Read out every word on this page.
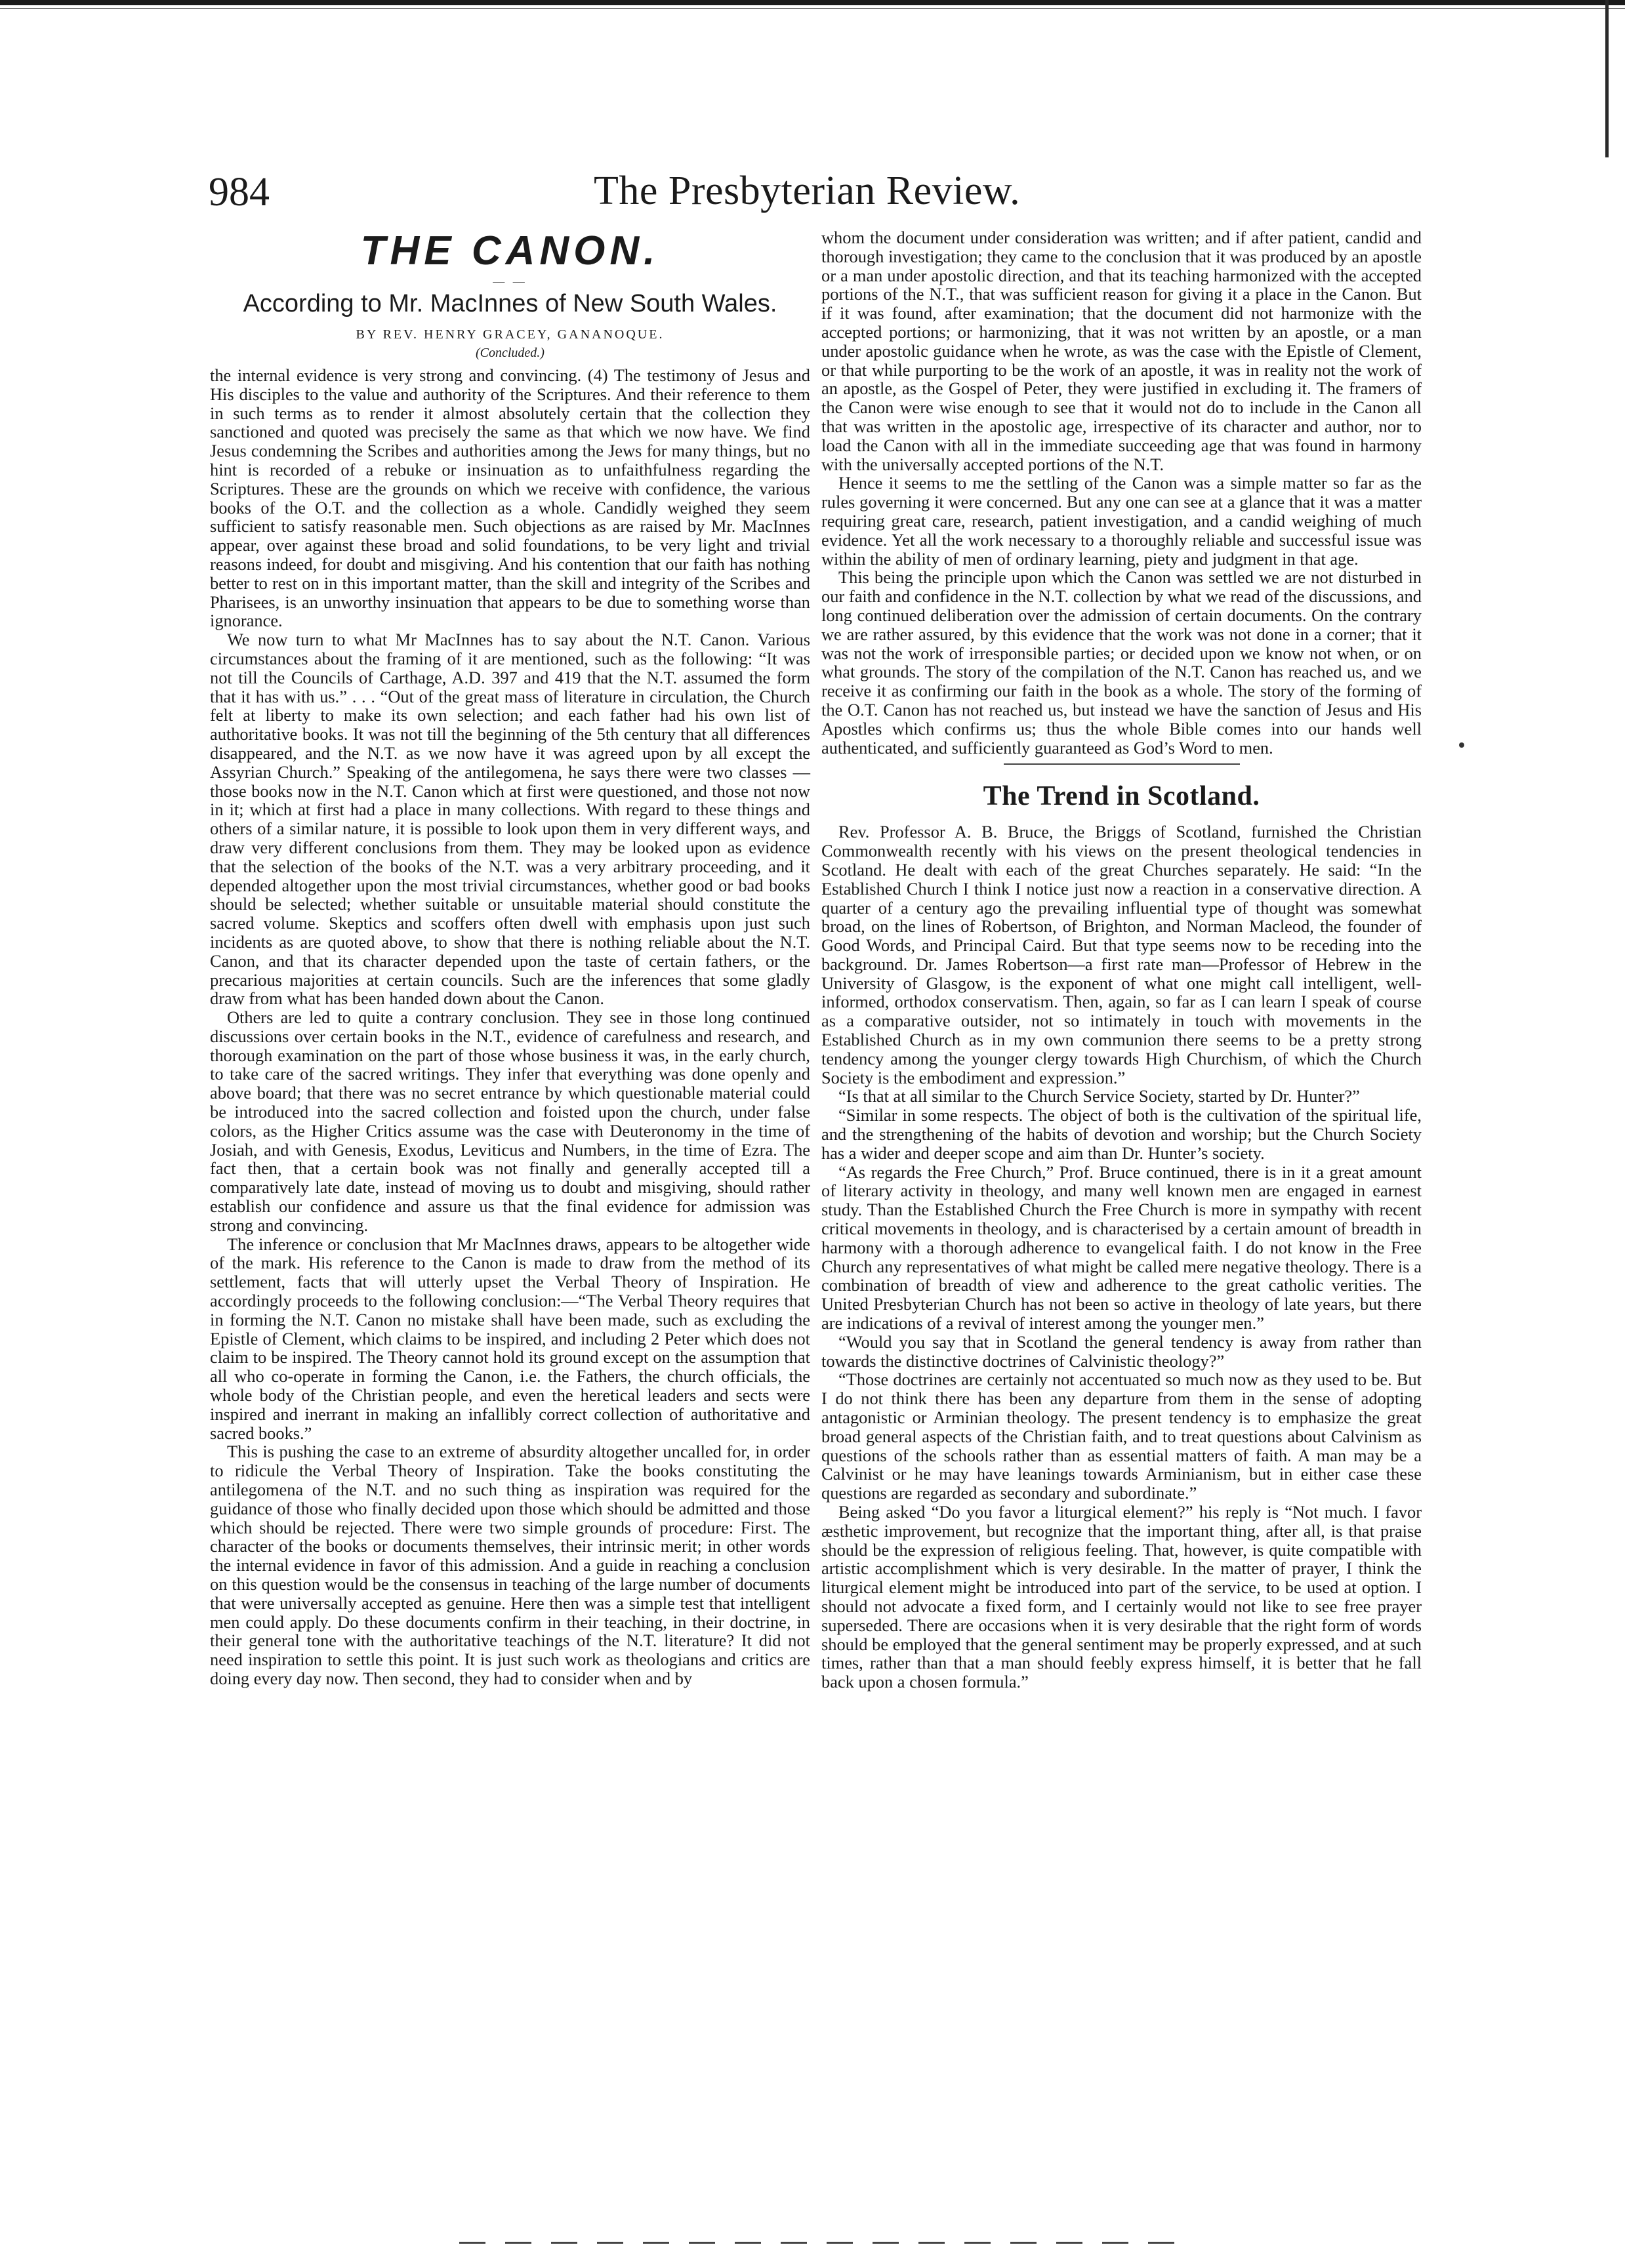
984	The Presbyterian Review.
THE CANON.
— —
According to Mr. MacInnes of New South Wales.
BY REV. HENRY GRACEY, GANANOQUE.
(Concluded.)

the internal evidence is very strong and convincing. (4) The testimony of Jesus and His disciples to the value and authority of the Scriptures. And their reference to them in such terms as to render it almost absolutely certain that the collection they sanctioned and quoted was precisely the same as that which we now have. We find Jesus condemning the Scribes and authorities among the Jews for many things, but no hint is recorded of a rebuke or insinuation as to unfaithfulness regarding the Scriptures. These are the grounds on which we receive with confidence, the various books of the O.T. and the collection as a whole. Candidly weighed they seem sufficient to satisfy reasonable men. Such objections as are raised by Mr. MacInnes appear, over against these broad and solid foundations, to be very light and trivial reasons indeed, for doubt and misgiving. And his contention that our faith has nothing better to rest on in this important matter, than the skill and integrity of the Scribes and Pharisees, is an unworthy insinuation that appears to be due to something worse than ignorance.

We now turn to what Mr MacInnes has to say about the N.T. Canon. Various circumstances about the framing of it are mentioned, such as the following: “It was not till the Councils of Carthage, A.D. 397 and 419 that the N.T. assumed the form that it has with us.” . . . “Out of the great mass of literature in circulation, the Church felt at liberty to make its own selection; and each father had his own list of authoritative books. It was not till the beginning of the 5th century that all differences disappeared, and the N.T. as we now have it was agreed upon by all except the Assyrian Church.” Speaking of the antilegomena, he says there were two classes — those books now in the N.T. Canon which at first were questioned, and those not now in it; which at first had a place in many collections. With regard to these things and others of a similar nature, it is possible to look upon them in very different ways, and draw very different conclusions from them. They may be looked upon as evidence that the selection of the books of the N.T. was a very arbitrary proceeding, and it depended altogether upon the most trivial circumstances, whether good or bad books should be selected; whether suitable or unsuitable material should constitute the sacred volume. Skeptics and scoffers often dwell with emphasis upon just such incidents as are quoted above, to show that there is nothing reliable about the N.T. Canon, and that its character depended upon the taste of certain fathers, or the precarious majorities at certain councils. Such are the inferences that some gladly draw from what has been handed down about the Canon.

Others are led to quite a contrary conclusion. They see in those long continued discussions over certain books in the N.T., evidence of carefulness and research, and thorough examination on the part of those whose business it was, in the early church, to take care of the sacred writings. They infer that everything was done openly and above board; that there was no secret entrance by which questionable material could be introduced into the sacred collection and foisted upon the church, under false colors, as the Higher Critics assume was the case with Deuteronomy in the time of Josiah, and with Genesis, Exodus, Leviticus and Numbers, in the time of Ezra. The fact then, that a certain book was not finally and generally accepted till a comparatively late date, instead of moving us to doubt and misgiving, should rather establish our confidence and assure us that the final evidence for admission was strong and convincing.

The inference or conclusion that Mr MacInnes draws, appears to be altogether wide of the mark. His reference to the Canon is made to draw from the method of its settlement, facts that will utterly upset the Verbal Theory of Inspiration. He accordingly proceeds to the following conclusion:—“The Verbal Theory requires that in forming the N.T. Canon no mistake shall have been made, such as excluding the Epistle of Clement, which claims to be inspired, and including 2 Peter which does not claim to be inspired. The Theory cannot hold its ground except on the assumption that all who co-operate in forming the Canon, i.e. the Fathers, the church officials, the whole body of the Christian people, and even the heretical leaders and sects were inspired and inerrant in making an infallibly correct collection of authoritative and sacred books.”

This is pushing the case to an extreme of absurdity altogether uncalled for, in order to ridicule the Verbal Theory of Inspiration. Take the books constituting the antilegomena of the N.T. and no such thing as inspiration was required for the guidance of those who finally decided upon those which should be admitted and those which should be rejected. There were two simple grounds of procedure: First. The character of the books or documents themselves, their intrinsic merit; in other words the internal evidence in favor of this admission. And a guide in reaching a conclusion on this question would be the consensus in teaching of the large number of documents that were universally accepted as genuine. Here then was a simple test that intelligent men could apply. Do these documents confirm in their teaching, in their doctrine, in their general tone with the authoritative teachings of the N.T. literature? It did not need inspiration to settle this point. It is just such work as theologians and critics are doing every day now. Then second, they had to consider when and by

whom the document under consideration was written; and if after patient, candid and thorough investigation; they came to the conclusion that it was produced by an apostle or a man under apostolic direction, and that its teaching harmonized with the accepted portions of the N.T., that was sufficient reason for giving it a place in the Canon. But if it was found, after examination; that the document did not harmonize with the accepted portions; or harmonizing, that it was not written by an apostle, or a man under apostolic guidance when he wrote, as was the case with the Epistle of Clement, or that while purporting to be the work of an apostle, it was in reality not the work of an apostle, as the Gospel of Peter, they were justified in excluding it. The framers of the Canon were wise enough to see that it would not do to include in the Canon all that was written in the apostolic age, irrespective of its character and author, nor to load the Canon with all in the immediate succeeding age that was found in harmony with the universally accepted portions of the N.T.

Hence it seems to me the settling of the Canon was a simple matter so far as the rules governing it were concerned. But any one can see at a glance that it was a matter requiring great care, research, patient investigation, and a candid weighing of much evidence. Yet all the work necessary to a thoroughly reliable and successful issue was within the ability of men of ordinary learning, piety and judgment in that age.

This being the principle upon which the Canon was settled we are not disturbed in our faith and confidence in the N.T. collection by what we read of the discussions, and long continued deliberation over the admission of certain documents. On the contrary we are rather assured, by this evidence that the work was not done in a corner; that it was not the work of irresponsible parties; or decided upon we know not when, or on what grounds. The story of the compilation of the N.T. Canon has reached us, and we receive it as confirming our faith in the book as a whole. The story of the forming of the O.T. Canon has not reached us, but instead we have the sanction of Jesus and His Apostles which confirms us; thus the whole Bible comes into our hands well authenticated, and sufficiently guaranteed as God’s Word to men.

The Trend in Scotland.

Rev. Professor A. B. Bruce, the Briggs of Scotland, furnished the Christian Commonwealth recently with his views on the present theological tendencies in Scotland. He dealt with each of the great Churches separately. He said: “In the Established Church I think I notice just now a reaction in a conservative direction. A quarter of a century ago the prevailing influential type of thought was somewhat broad, on the lines of Robertson, of Brighton, and Norman Macleod, the founder of Good Words, and Principal Caird. But that type seems now to be receding into the background. Dr. James Robertson—a first rate man—Professor of Hebrew in the University of Glasgow, is the exponent of what one might call intelligent, well-informed, orthodox conservatism. Then, again, so far as I can learn I speak of course as a comparative outsider, not so intimately in touch with movements in the Established Church as in my own communion there seems to be a pretty strong tendency among the younger clergy towards High Churchism, of which the Church Society is the embodiment and expression.”

“Is that at all similar to the Church Service Society, started by Dr. Hunter?”

“Similar in some respects. The object of both is the cultivation of the spiritual life, and the strengthening of the habits of devotion and worship; but the Church Society has a wider and deeper scope and aim than Dr. Hunter’s society.

“As regards the Free Church,” Prof. Bruce continued, there is in it a great amount of literary activity in theology, and many well known men are engaged in earnest study. Than the Established Church the Free Church is more in sympathy with recent critical movements in theology, and is characterised by a certain amount of breadth in harmony with a thorough adherence to evangelical faith. I do not know in the Free Church any representatives of what might be called mere negative theology. There is a combination of breadth of view and adherence to the great catholic verities. The United Presbyterian Church has not been so active in theology of late years, but there are indications of a revival of interest among the younger men.”

“Would you say that in Scotland the general tendency is away from rather than towards the distinctive doctrines of Calvinistic theology?”

“Those doctrines are certainly not accentuated so much now as they used to be. But I do not think there has been any departure from them in the sense of adopting antagonistic or Arminian theology. The present tendency is to emphasize the great broad general aspects of the Christian faith, and to treat questions about Calvinism as questions of the schools rather than as essential matters of faith. A man may be a Calvinist or he may have leanings towards Arminianism, but in either case these questions are regarded as secondary and subordinate.”

Being asked “Do you favor a liturgical element?” his reply is “Not much. I favor æsthetic improvement, but recognize that the important thing, after all, is that praise should be the expression of religious feeling. That, however, is quite compatible with artistic accomplishment which is very desirable. In the matter of prayer, I think the liturgical element might be introduced into part of the service, to be used at option. I should not advocate a fixed form, and I certainly would not like to see free prayer superseded. There are occasions when it is very desirable that the right form of words should be employed that the general sentiment may be properly expressed, and at such times, rather than that a man should feebly express himself, it is better that he fall back upon a chosen formula.”
